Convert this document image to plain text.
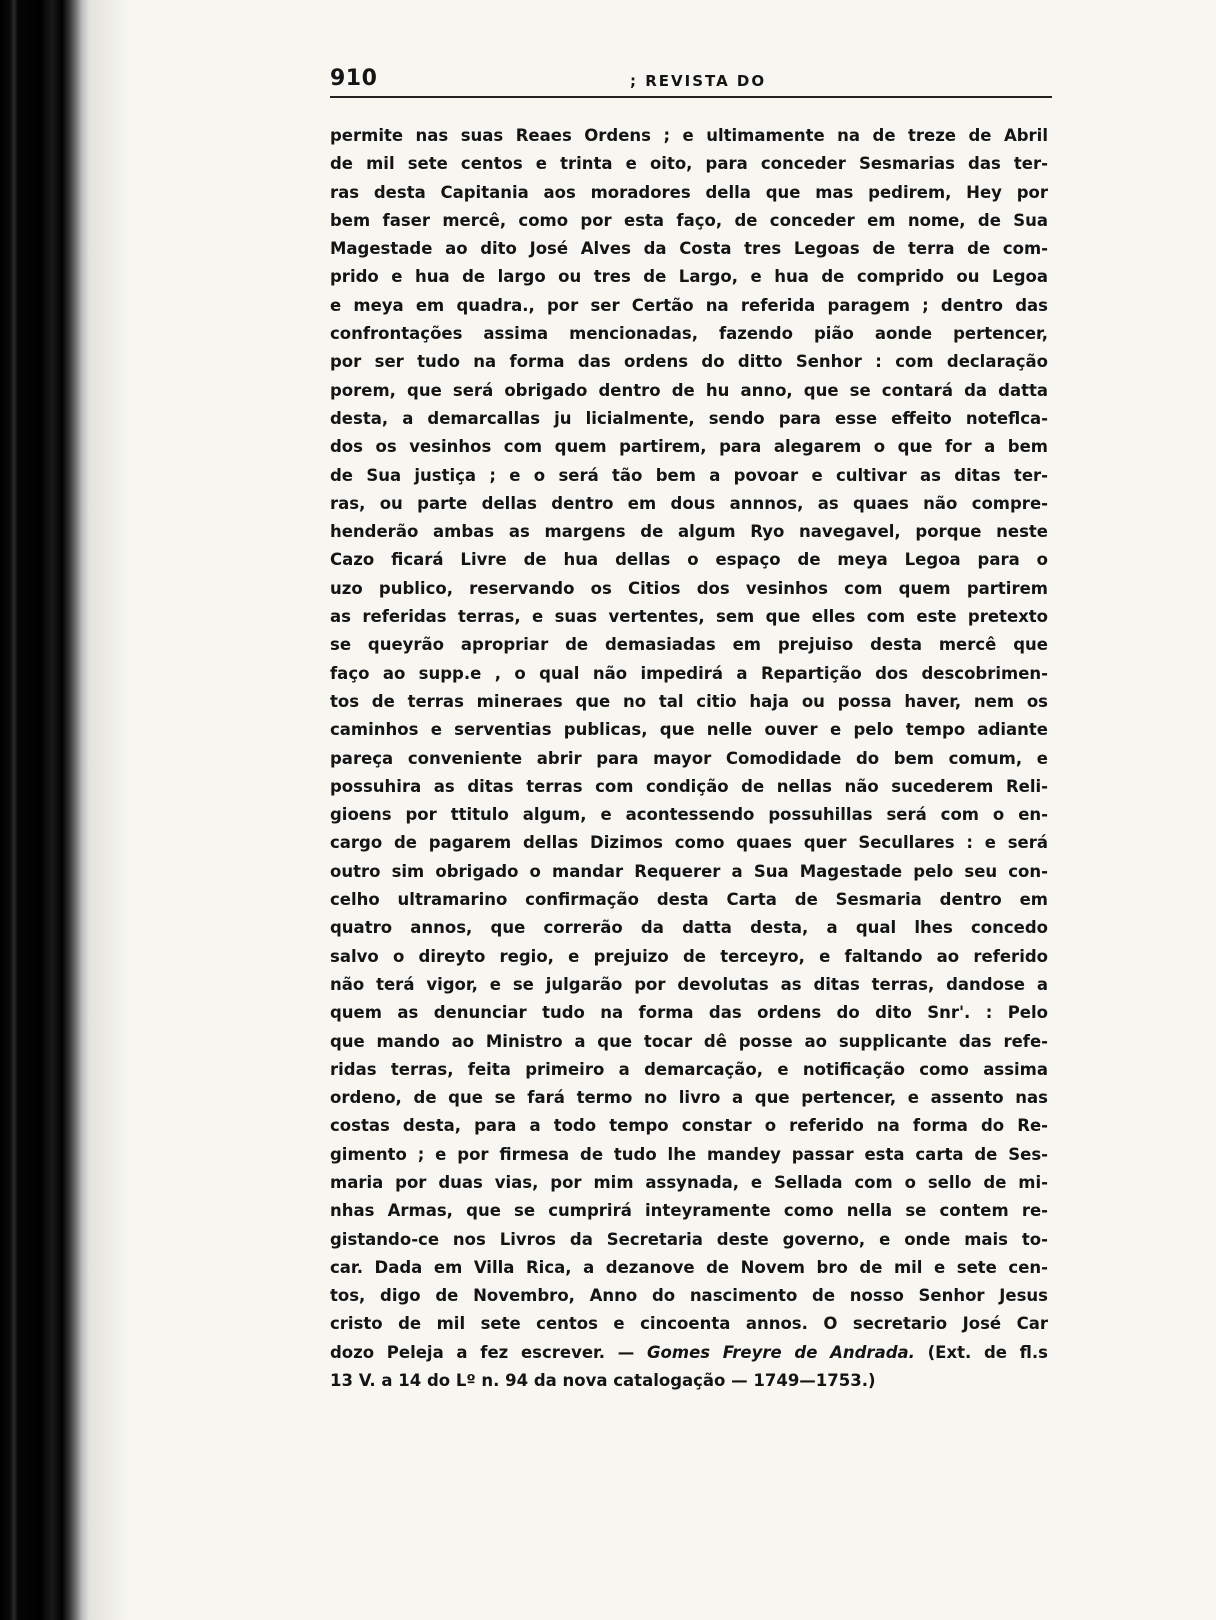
910	; REVISTA DO
permite nas suas Reaes Ordens ; e ultimamente na de treze de Abril
de mil sete centos e trinta e oito, para conceder Sesmarias das ter-
ras desta Capitania aos moradores della que mas pedirem, Hey por
bem faser mercê, como por esta faço, de conceder em nome, de Sua
Magestade ao dito José Alves da Costa tres Legoas de terra de com-
prido e hua de largo ou tres de Largo, e hua de comprido ou Legoa
e meya em quadra., por ser Certão na referida paragem ; dentro das
confrontações assima mencionadas, fazendo pião aonde pertencer,
por ser tudo na forma das ordens do ditto Senhor : com declaração
porem, que será obrigado dentro de hu anno, que se contará da datta
desta, a demarcallas ju licialmente, sendo para esse effeito noteflca-
dos os vesinhos com quem partirem, para alegarem o que for a bem
de Sua justiça ; e o será tão bem a povoar e cultivar as ditas ter-
ras, ou parte dellas dentro em dous annnos, as quaes não compre-
henderão ambas as margens de algum Ryo navegavel, porque neste
Cazo ficará Livre de hua dellas o espaço de meya Legoa para o
uzo publico, reservando os Citios dos vesinhos com quem partirem
as referidas terras, e suas vertentes, sem que elles com este pretexto
se queyrão apropriar de demasiadas em prejuiso desta mercê que
faço ao supp.e , o qual não impedirá a Repartição dos descobrimen-
tos de terras mineraes que no tal citio haja ou possa haver, nem os
caminhos e serventias publicas, que nelle ouver e pelo tempo adiante
pareça conveniente abrir para mayor Comodidade do bem comum, e
possuhira as ditas terras com condição de nellas não sucederem Reli-
gioens por ttitulo algum, e acontessendo possuhillas será com o en-
cargo de pagarem dellas Dizimos como quaes quer Secullares : e será
outro sim obrigado o mandar Requerer a Sua Magestade pelo seu con-
celho ultramarino confirmação desta Carta de Sesmaria dentro em
quatro annos, que correrão da datta desta, a qual lhes concedo
salvo o direyto regio, e prejuizo de terceyro, e faltando ao referido
não terá vigor, e se julgarão por devolutas as ditas terras, dandose a
quem as denunciar tudo na forma das ordens do dito Snr'. : Pelo
que mando ao Ministro a que tocar dê posse ao supplicante das refe-
ridas terras, feita primeiro a demarcação, e notificação como assima
ordeno, de que se fará termo no livro a que pertencer, e assento nas
costas desta, para a todo tempo constar o referido na forma do Re-
gimento ; e por firmesa de tudo lhe mandey passar esta carta de Ses-
maria por duas vias, por mim assynada, e Sellada com o sello de mi-
nhas Armas, que se cumprirá inteyramente como nella se contem re-
gistando-ce nos Livros da Secretaria deste governo, e onde mais to-
car. Dada em Villa Rica, a dezanove de Novem bro de mil e sete cen-
tos, digo de Novembro, Anno do nascimento de nosso Senhor Jesus
cristo de mil sete centos e cincoenta annos. O secretario José Car
dozo Peleja a fez escrever. — Gomes Freyre de Andrada. (Ext. de fl.s
13 V. a 14 do Lº n. 94 da nova catalogação — 1749—1753.)
